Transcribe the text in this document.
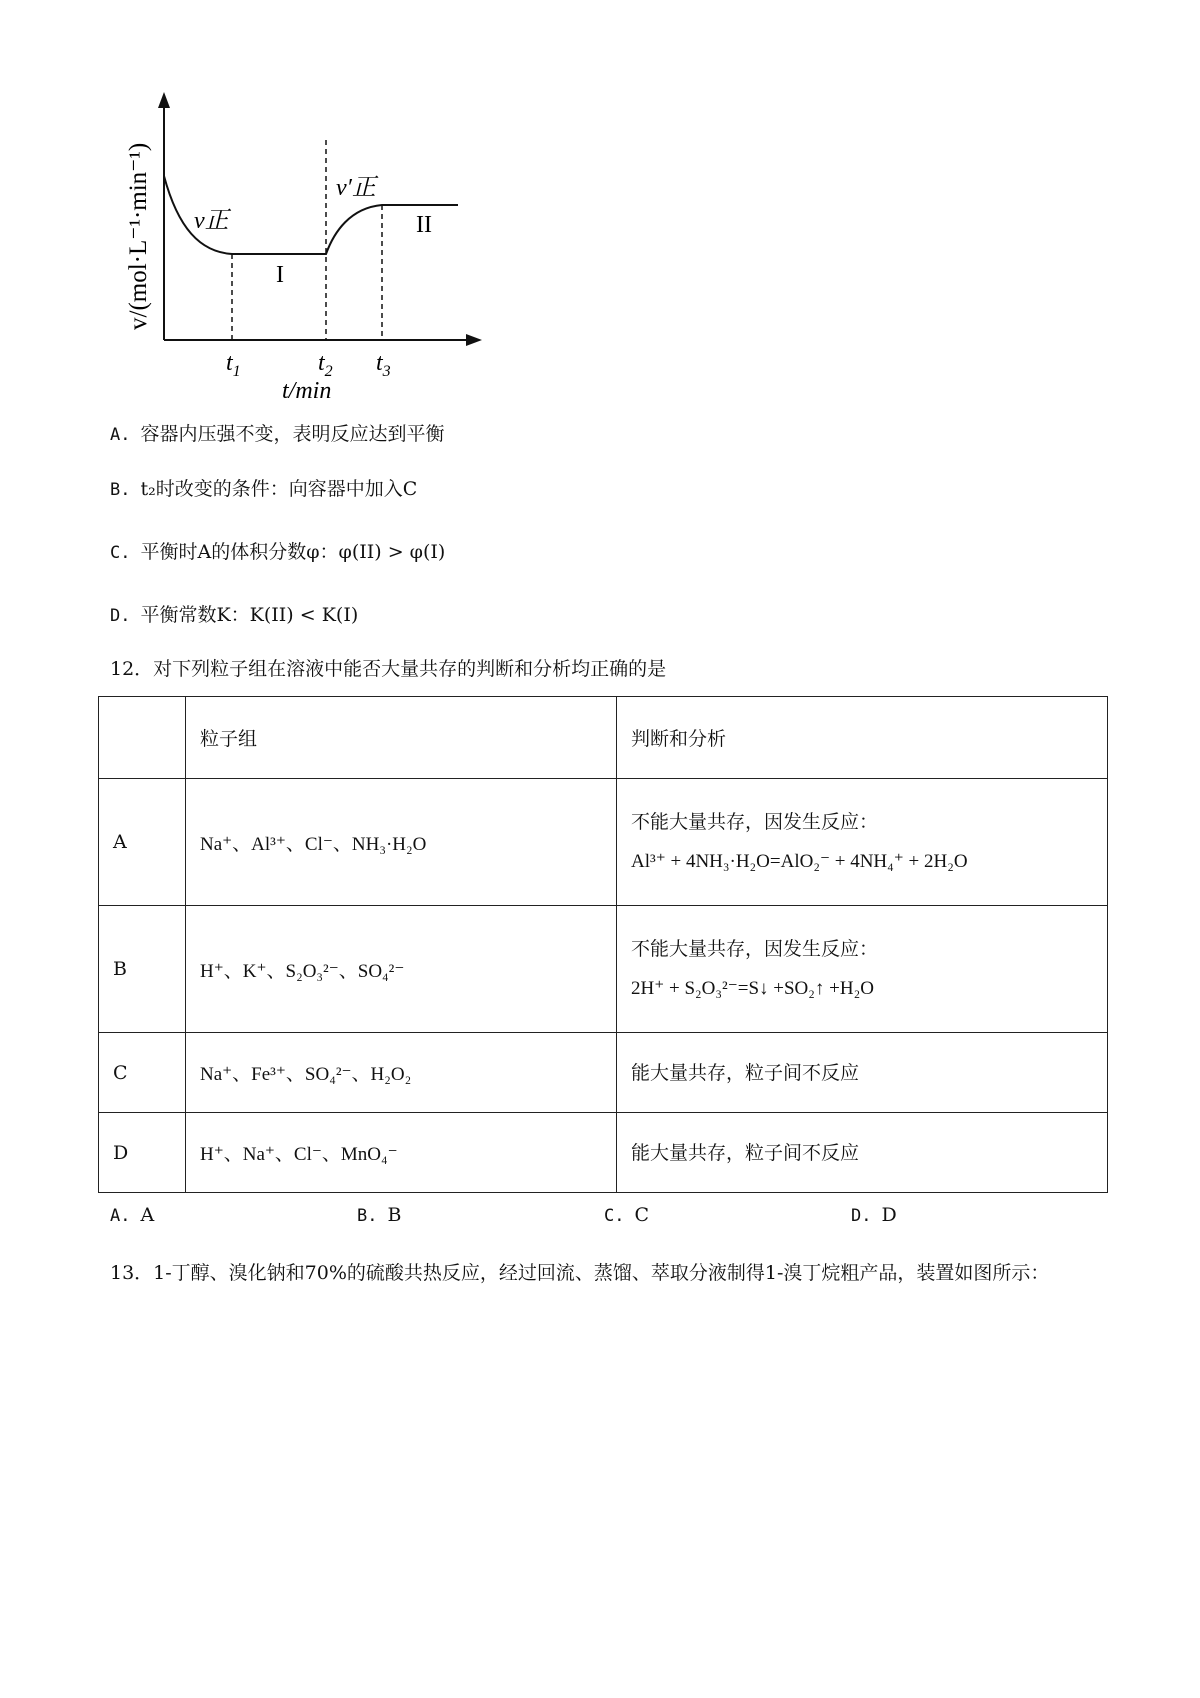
v/(mol·L⁻¹·min⁻¹)
t/min
$t_1$	$t_2$ $t_3$
v正
v′正
I
II
A. 容器内压强不变，表明反应达到平衡
B. t₂时改变的条件：向容器中加入C
C. 平衡时A的体积分数φ：φ(II) > φ(I)
D. 平衡常数K：K(II) < K(I)
12．对下列粒子组在溶液中能否大量共存的判断和分析均正确的是
	粒子组	判断和分析
A	Na⁺、Al³⁺、Cl⁻、NH₃·H₂O	不能大量共存，因发生反应：
Al³⁺ + 4NH₃·H₂O=AlO₂⁻ + 4NH₄⁺ + 2H₂O

B	H⁺、K⁺、S₂O₃²⁻、SO₄²⁻	不能大量共存，因发生反应：
2H⁺ + S₂O₃²⁻=S↓ +SO₂↑ +H₂O

C	Na⁺、Fe³⁺、SO₄²⁻、H₂O₂	能大量共存，粒子间不反应

D	H⁺、Na⁺、Cl⁻、MnO₄⁻	能大量共存，粒子间不反应
A. A	B. B	C. C	D. D
13．1-丁醇、溴化钠和70%的硫酸共热反应，经过回流、蒸馏、萃取分液制得1-溴丁烷粗产品，装置如图所示：
